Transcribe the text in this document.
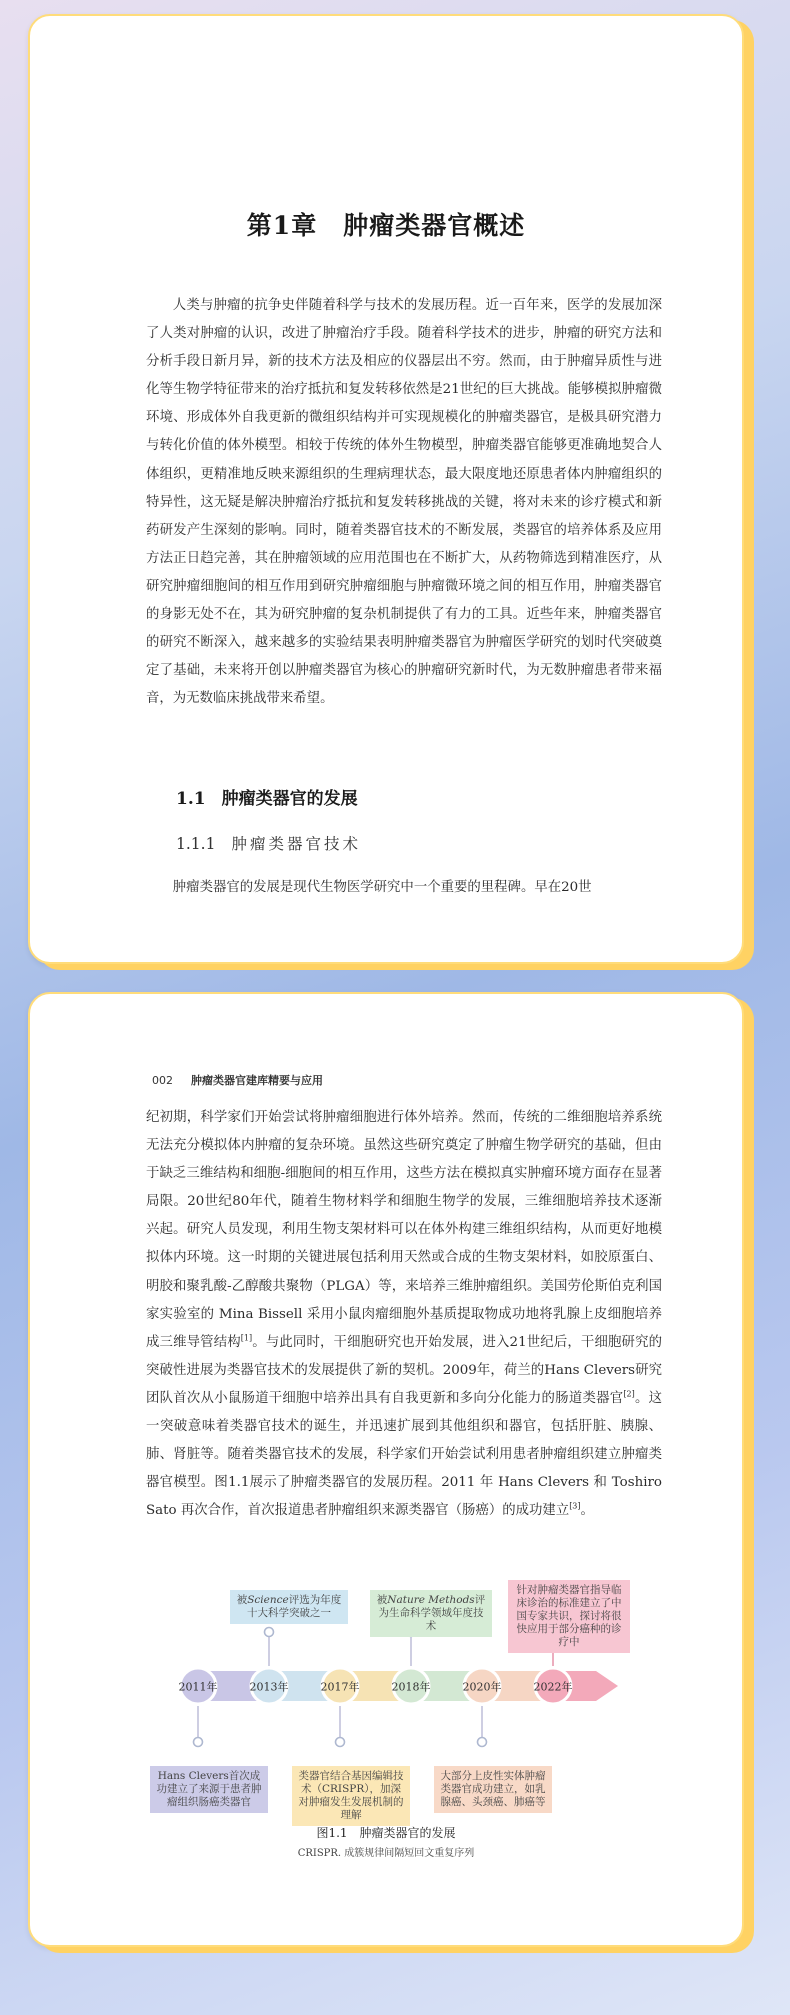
第1章　肿瘤类器官概述

人类与肿瘤的抗争史伴随着科学与技术的发展历程。近一百年来，医学的发展加深了人类对肿瘤的认识，改进了肿瘤治疗手段。随着科学技术的进步，肿瘤的研究方法和分析手段日新月异，新的技术方法及相应的仪器层出不穷。然而，由于肿瘤异质性与进化等生物学特征带来的治疗抵抗和复发转移依然是21世纪的巨大挑战。能够模拟肿瘤微环境、形成体外自我更新的微组织结构并可实现规模化的肿瘤类器官，是极具研究潜力与转化价值的体外模型。相较于传统的体外生物模型，肿瘤类器官能够更准确地契合人体组织，更精准地反映来源组织的生理病理状态，最大限度地还原患者体内肿瘤组织的特异性，这无疑是解决肿瘤治疗抵抗和复发转移挑战的关键，将对未来的诊疗模式和新药研发产生深刻的影响。同时，随着类器官技术的不断发展，类器官的培养体系及应用方法正日趋完善，其在肿瘤领域的应用范围也在不断扩大，从药物筛选到精准医疗，从研究肿瘤细胞间的相互作用到研究肿瘤细胞与肿瘤微环境之间的相互作用，肿瘤类器官的身影无处不在，其为研究肿瘤的复杂机制提供了有力的工具。近些年来，肿瘤类器官的研究不断深入，越来越多的实验结果表明肿瘤类器官为肿瘤医学研究的划时代突破奠定了基础，未来将开创以肿瘤类器官为核心的肿瘤研究新时代，为无数肿瘤患者带来福音，为无数临床挑战带来希望。

1.1 肿瘤类器官的发展
1.1.1 肿瘤类器官技术

肿瘤类器官的发展是现代生物医学研究中一个重要的里程碑。早在20世

002 肿瘤类器官建库精要与应用

纪初期，科学家们开始尝试将肿瘤细胞进行体外培养。然而，传统的二维细胞培养系统无法充分模拟体内肿瘤的复杂环境。虽然这些研究奠定了肿瘤生物学研究的基础，但由于缺乏三维结构和细胞-细胞间的相互作用，这些方法在模拟真实肿瘤环境方面存在显著局限。20世纪80年代，随着生物材料学和细胞生物学的发展，三维细胞培养技术逐渐兴起。研究人员发现，利用生物支架材料可以在体外构建三维组织结构，从而更好地模拟体内环境。这一时期的关键进展包括利用天然或合成的生物支架材料，如胶原蛋白、明胶和聚乳酸-乙醇酸共聚物（PLGA）等，来培养三维肿瘤组织。美国劳伦斯伯克利国家实验室的 Mina Bissell 采用小鼠肉瘤细胞外基质提取物成功地将乳腺上皮细胞培养成三维导管结构[1]。与此同时，干细胞研究也开始发展，进入21世纪后，干细胞研究的突破性进展为类器官技术的发展提供了新的契机。2009年，荷兰的Hans Clevers研究团队首次从小鼠肠道干细胞中培养出具有自我更新和多向分化能力的肠道类器官[2]。这一突破意味着类器官技术的诞生，并迅速扩展到其他组织和器官，包括肝脏、胰腺、肺、肾脏等。随着类器官技术的发展，科学家们开始尝试利用患者肿瘤组织建立肿瘤类器官模型。图1.1展示了肿瘤类器官的发展历程。2011 年 Hans Clevers 和 Toshiro Sato 再次合作，首次报道患者肿瘤组织来源类器官（肠癌）的成功建立[3]。

2011年	2013年	2017年	2018年	2020年	2022年
被Science评选为年度十大科学突破之一
被Nature Methods评为生命科学领域年度技术
针对肿瘤类器官指导临床诊治的标准建立了中国专家共识，探讨将很快应用于部分癌种的诊疗中
Hans Clevers首次成功建立了来源于患者肿瘤组织肠癌类器官
类器官结合基因编辑技术（CRISPR），加深对肿瘤发生发展机制的理解
大部分上皮性实体肿瘤类器官成功建立，如乳腺癌、头颈癌、肺癌等
图1.1　肿瘤类器官的发展
CRISPR. 成簇规律间隔短回文重复序列
